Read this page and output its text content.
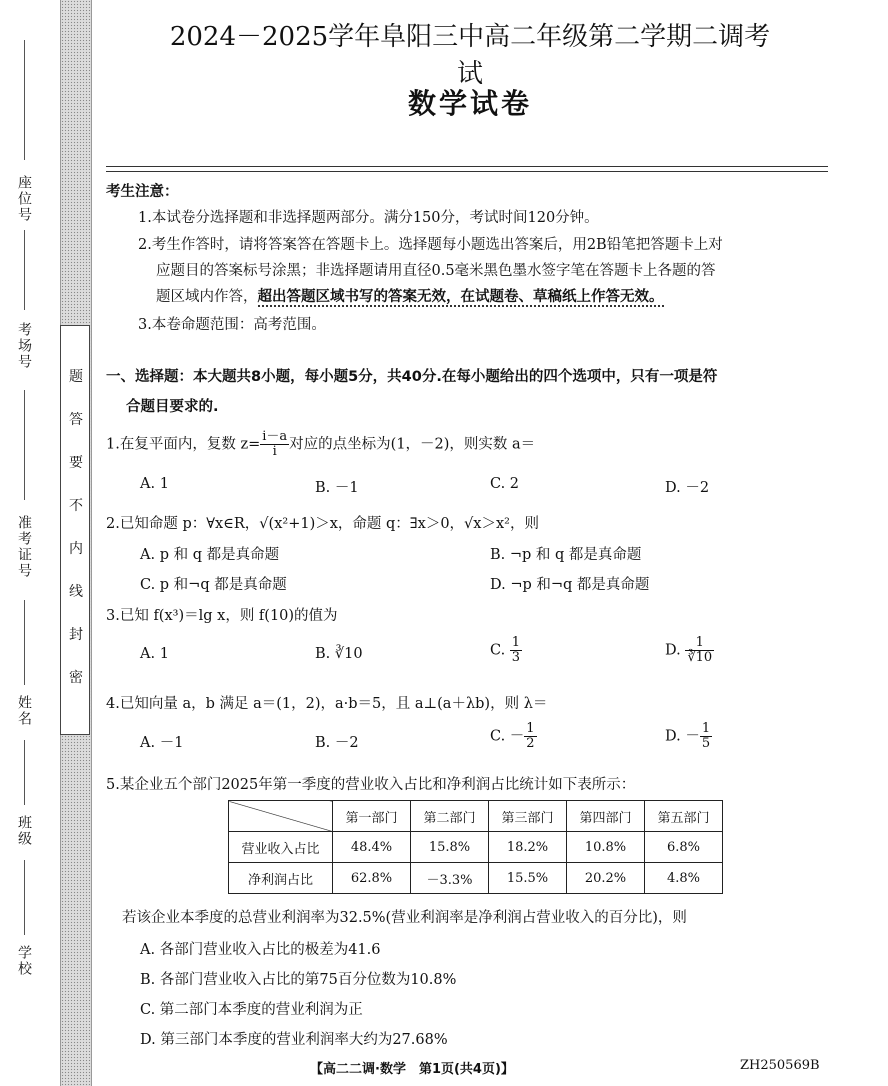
座位号
考场号
准考证号
姓名
班级
学校
题
答
要
不
内
线
封
密
2024－2025学年阜阳三中高二年级第二学期二调考试
数学试卷
考生注意：
1.本试卷分选择题和非选择题两部分。满分150分，考试时间120分钟。
2.考生作答时，请将答案答在答题卡上。选择题每小题选出答案后，用2B铅笔把答题卡上对
应题目的答案标号涂黑；非选择题请用直径0.5毫米黑色墨水签字笔在答题卡上各题的答
题区域内作答，超出答题区域书写的答案无效，在试题卷、草稿纸上作答无效。
3.本卷命题范围：高考范围。
一、选择题：本大题共8小题，每小题5分，共40分.在每小题给出的四个选项中，只有一项是符
合题目要求的.
1.在复平面内，复数 $z= \frac{i-a}{i}$ 对应的点坐标为(1，－2)，则实数 a＝
A. 1	B. －1	C. 2	D. －2
2.已知命题 p：∀x∈R，√(x²+1)＞x，命题 q：∃x＞0，√x＞x²，则
A. p 和 q 都是真命题	B. ¬p 和 q 都是真命题
C. p 和¬q 都是真命题	D. ¬p 和¬q 都是真命题
3.已知 f(x³)＝lg x，则 f(10)的值为
A. 1	B. ∛10	C. $\frac{1}{3}$	D. $\frac{1}{∛10}$
4.已知向量 a，b 满足 a＝(1，2)，a·b＝5，且 a⊥(a＋λb)，则 λ＝
A. －1	B. －2	C. － $\frac{1}{2}$	D. － $\frac{1}{5}$
5.某企业五个部门2025年第一季度的营业收入占比和净利润占比统计如下表所示：
	第一部门	第二部门	第三部门	第四部门	第五部门
营业收入占比	48.4%	15.8%	18.2%	10.8%	6.8%
净利润占比	62.8%	－3.3%	15.5%	20.2%	4.8%
若该企业本季度的总营业利润率为32.5%(营业利润率是净利润占营业收入的百分比)，则
A. 各部门营业收入占比的极差为41.6
B. 各部门营业收入占比的第75百分位数为10.8%
C. 第二部门本季度的营业利润为正
D. 第三部门本季度的营业利润率大约为27.68%
【高二二调·数学　第1页(共4页)】	ZH250569B
